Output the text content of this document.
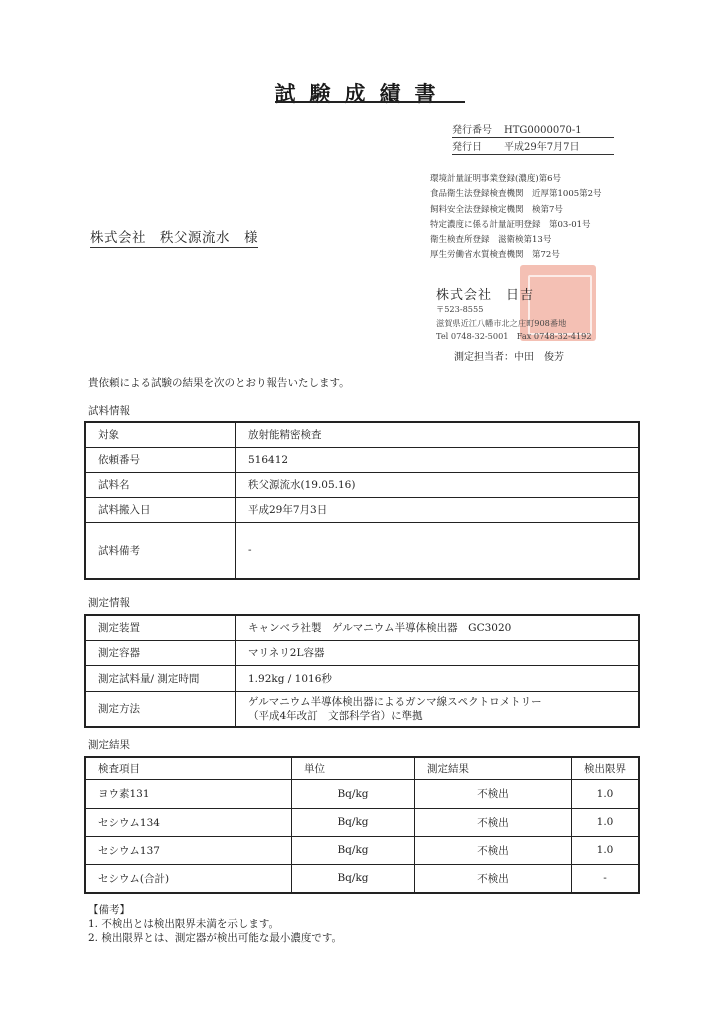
試験成績書
発行番号 HTG0000070-1
発行日 平成29年7月7日
環境計量証明事業登録(濃度)第6号
食品衛生法登録検査機関　近厚第1005第2号
飼料安全法登録検定機関　検第7号
特定濃度に係る計量証明登録　第03-01号
衛生検査所登録　滋衛検第13号
厚生労働省水質検査機関　第72号
株式会社　秩父源流水　様
株式会社　日吉
〒523-8555
滋賀県近江八幡市北之庄町908番地
Tel 0748-32-5001　Fax 0748-32-4192
測定担当者：中田　俊芳
貴依頼による試験の結果を次のとおり報告いたします。
試料情報
対象	放射能精密検査
依頼番号	516412
試料名	秩父源流水(19.05.16)
試料搬入日	平成29年7月3日
試料備考	-
測定情報
測定装置	キャンベラ社製　ゲルマニウム半導体検出器　GC3020
測定容器	マリネリ2L容器
測定試料量/ 測定時間	1.92kg / 1016秒
測定方法	ゲルマニウム半導体検出器によるガンマ線スペクトロメトリー
（平成4年改訂　文部科学省）に準拠
測定結果
検査項目	単位	測定結果	検出限界
ヨウ素131	Bq/kg	不検出	1.0
セシウム134	Bq/kg	不検出	1.0
セシウム137	Bq/kg	不検出	1.0
セシウム(合計)	Bq/kg	不検出	-
【備考】
1. 不検出とは検出限界未満を示します。
2. 検出限界とは、測定器が検出可能な最小濃度です。
